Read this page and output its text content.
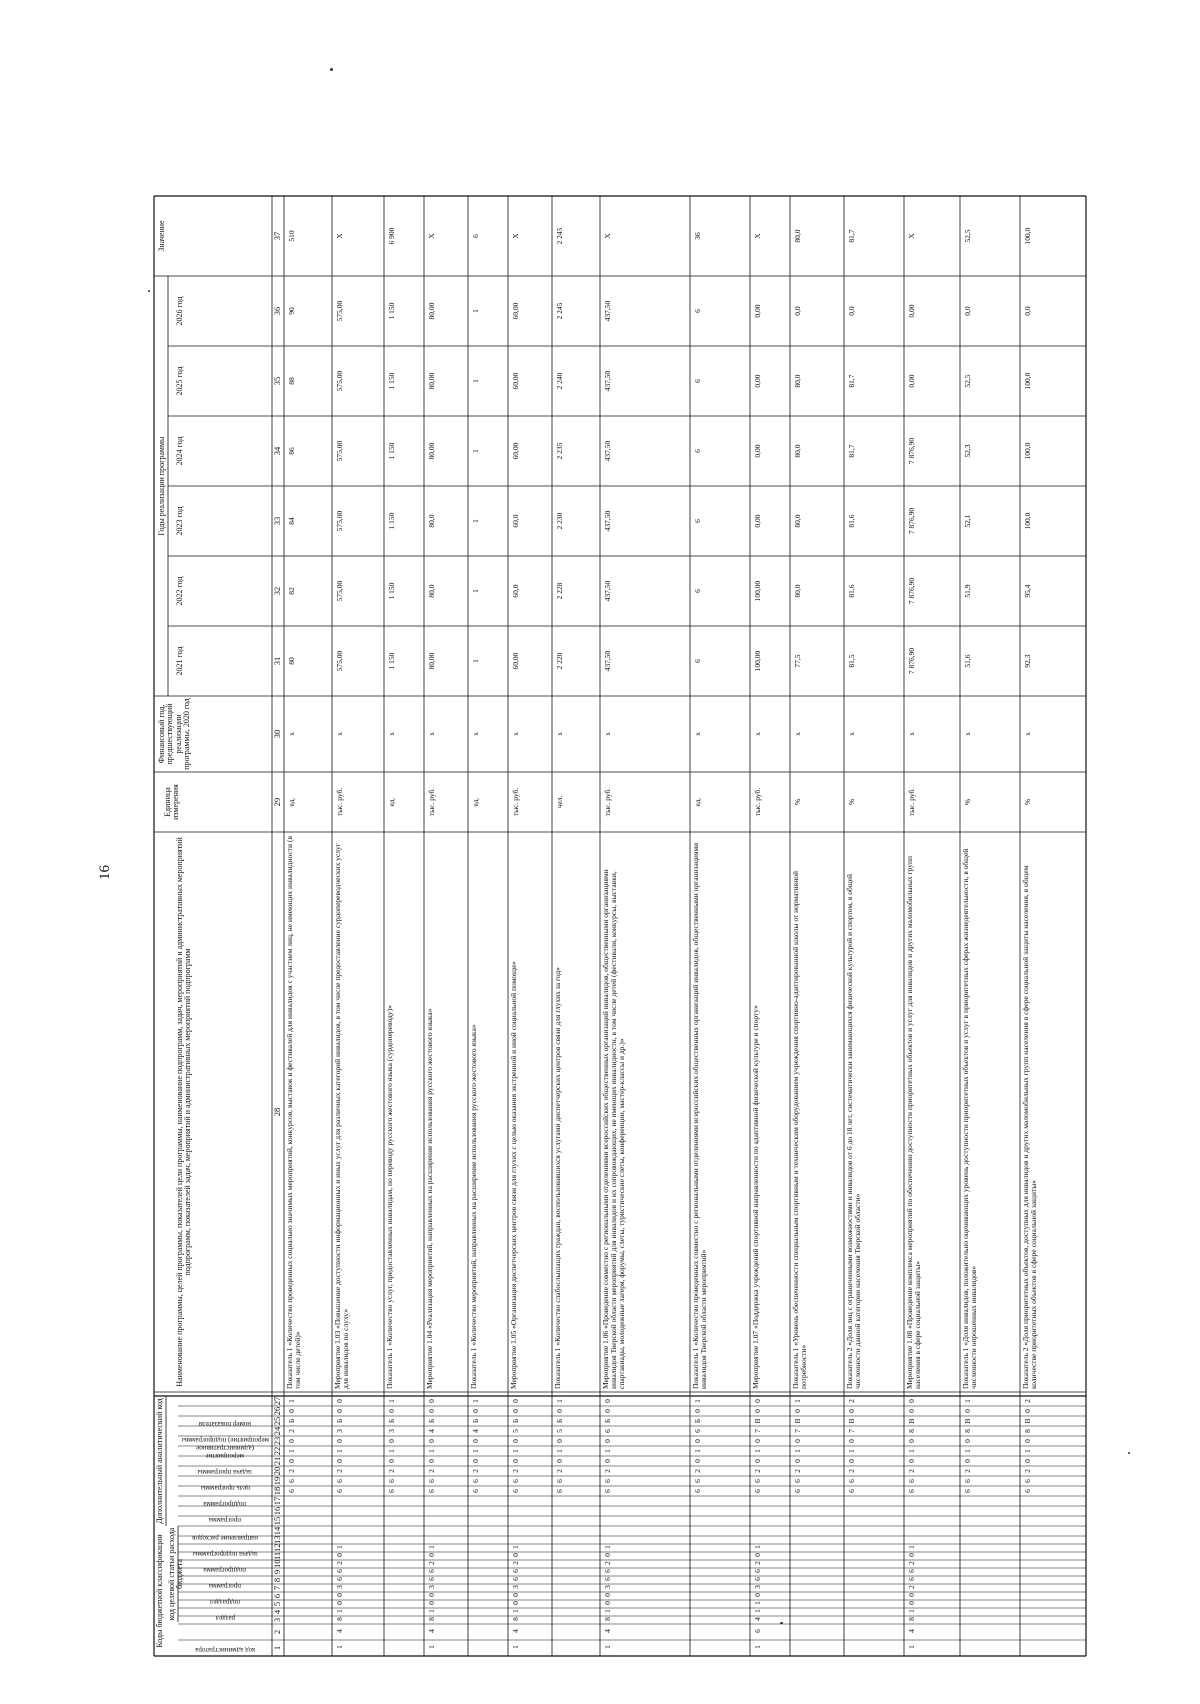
16
Коды бюджетной классификации код целевой статьи расхода бюджета
Дополнительный аналитический код
Наименование программы, целей программы, показателей цели программы, наименование подпрограмм, задач, мероприятий и административных мероприятий подпрограмм, показателей задач, мероприятий и административных мероприятий подпрограмм
Единица измерения
Финансовый год, предшествующий реализации программы, 2020 год
Годы реализации программы
2021 год
2022 год
2023 год
2024 год
2025 год
2026 год
Значение
код администратора
раздел
подраздел
программа
подпрограмма
задача подпрограммы
направление расходов
программа
подпрограмма
цель программы
задача программы
мероприятие (административное мероприятие) подпрограммы
номер показателя
1
2
3
4
5
6
7
8
9
10
11
12
13
14
15
16
17
18
19
20
21
22
23
24
25
26
27
28
29
30
31
32
33
34
35
36
37
6
6
2
0
1
0
2
Б
0
1
Показатель 1 «Количество проведенных социально значимых мероприятий, конкурсов, выставок и фестивалей для инвалидов с участием лиц, не имеющих инвалидности (в том числе детей)»
ед.
х
80
82
84
86
88
90
510
1
4
8
1
0
0
3
6
6
2
0
1
6
6
2
0
1
0
3
Б
0
0
Мероприятие 1.03 «Повышение доступности информационных и иных услуг для различных категорий инвалидов, в том числе предоставление сурдопереводческих услуг для инвалидов по слуху»
тыс. руб.
х
575,00
575,00
575,00
575,00
575,00
575,00
Х
6
6
2
0
1
0
3
Б
0
1
Показатель 1 «Количество услуг, предоставленных инвалидам, по переводу русского жестового языка (сурдопереводу)»
ед.
х
1 150
1 150
1 150
1 150
1 150
1 150
6 900
1
4
8
1
0
0
3
6
6
2
0
1
6
6
2
0
1
0
4
Б
0
0
Мероприятие 1.04 «Реализация мероприятий, направленных на расширение использования русского жестового языка»
тыс. руб.
х
80,00
80,0
80,0
80,00
80,00
80,00
Х
6
6
2
0
1
0
4
Б
0
1
Показатель 1 «Количество мероприятий, направленных на расширение использования русского жестового языка»
ед.
х
1
1
1
1
1
1
6
1
4
8
1
0
0
3
6
6
2
0
1
6
6
2
0
1
0
5
Б
0
0
Мероприятие 1.05 «Организация диспетчерских центров связи для глухих с целью оказания экстренной и иной социальной помощи»
тыс. руб.
х
60,00
60,0
60,0
60,00
60,00
60,00
Х
6
6
2
0
1
0
5
Б
0
1
Показатель 1 «Количество слабослышащих граждан, воспользовавшихся услугами диспетчерских центров связи для глухих за год»
чел.
х
2 220
2 228
2 230
2 235
2 240
2 245
2 245
1
4
8
1
0
0
3
6
6
2
0
1
6
6
2
0
1
0
6
Б
0
0
Мероприятие 1.06 «Проведение совместно с региональными отделениями всероссийских общественных организаций инвалидов, общественными организациями инвалидов Тверской области мероприятий для инвалидов и их сопровождающих, не имеющих инвалидности, в том числе детей (фестивали, конкурсы, выставки, спартакиады, молодежные лагеря, форумы, слеты, туристические слеты, конференции, мастер-классы и др.)»
тыс. руб.
х
437,50
437,50
437,50
437,50
437,50
437,50
Х
6
6
2
0
1
0
6
Б
0
1
Показатель 1 «Количество проведенных совместно с региональными отделениями всероссийских общественных организаций инвалидов, общественными организациями инвалидов Тверской области мероприятий»
ед.
х
6
6
6
6
6
6
36
1
6
4
1
1
0
3
6
6
2
0
1
6
6
2
0
1
0
7
В
0
0
Мероприятие 1.07 «Поддержка учреждений спортивной направленности по адаптивной физической культуре и спорту»
тыс. руб.
х
100,00
100,00
0,00
0,00
0,00
0,00
Х
6
6
2
0
1
0
7
В
0
1
Показатель 1 «Уровень обеспеченности специальным спортивным и техническим оборудованием учреждения спортивно-адаптированной школы от нормативной потребности»
%
х
77,5
80,0
80,0
80,0
80,0
0,0
80,0
6
6
2
0
1
0
7
В
0
2
Показатель 2 «Доля лиц с ограниченными возможностями и инвалидов от 6 до 18 лет, систематически занимающихся физической культурой и спортом, в общей численности данной категории населения Тверской области»
%
х
81,5
81,6
81,6
81,7
81,7
0,0
81,7
1
4
8
1
0
0
2
6
6
2
0
1
6
6
2
0
1
0
8
В
0
0
Мероприятие 1.08 «Проведение комплекса мероприятий по обеспечению доступности приоритетных объектов и услуг для инвалидов и других маломобильных групп населения в сфере социальной защиты»
тыс. руб.
х
7 876,90
7 876,90
7 876,90
7 876,90
0,00
0,00
Х
6
6
2
0
1
0
8
В
0
1
Показатель 1 «Доля инвалидов, положительно оценивающих уровень доступности приоритетных объектов и услуг в приоритетных сферах жизнедеятельности, в общей численности опрошенных инвалидов»
%
х
51,6
51,9
52,1
52,3
52,5
0,0
52,5
6
6
2
0
1
0
8
В
0
2
Показатель 2 «Доля приоритетных объектов, доступных для инвалидов и других маломобильных групп населения в сфере социальной защиты населения, в общем количестве приоритетных объектов в сфере социальной защиты»
%
х
92,3
95,4
100,0
100,0
100,0
0,0
100,0
